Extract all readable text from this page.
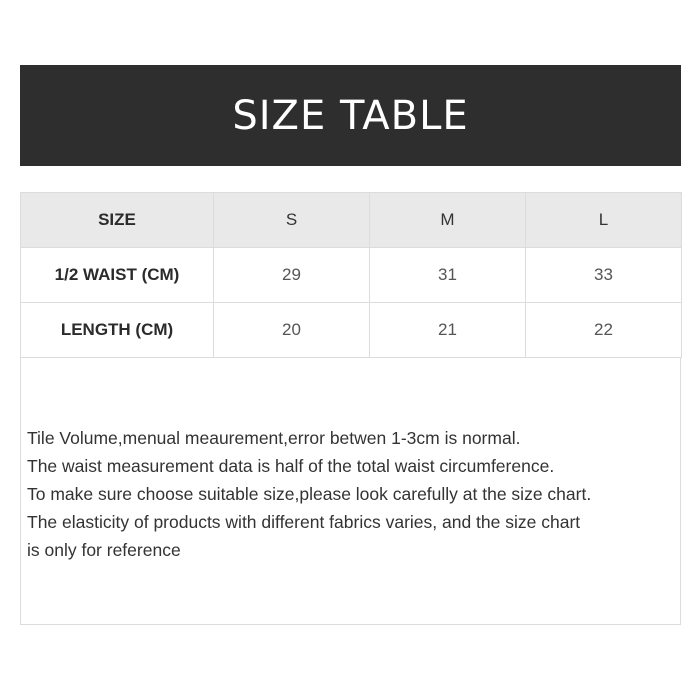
SIZE TABLE
SIZE	S	M	L
1/2 WAIST (CM)	29	31	33
LENGTH (CM)	20	21	22

Tile Volume,menual meaurement,error betwen 1-3cm is normal.

The waist measurement data is half of the total waist circumference.

To make sure choose suitable size,please look carefully at the size chart.

The elasticity of products with different fabrics varies, and the size chart

is only for reference
